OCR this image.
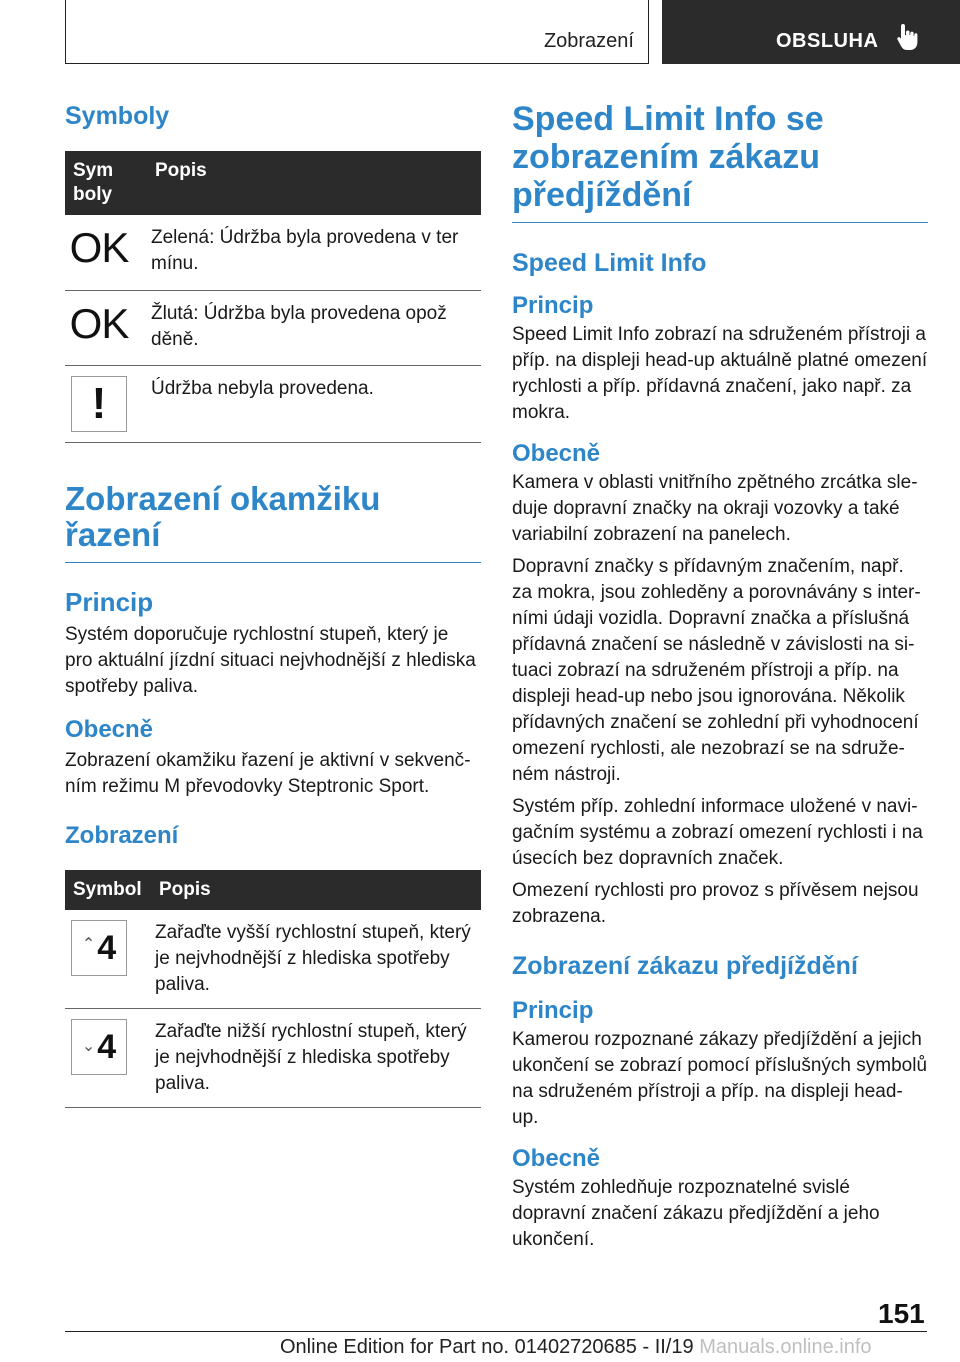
Zobrazení	OBSLUHA
Symboly
Sym
boly	Popis

OK	Zelená: Údržba byla provedena v ter
mínu.

OK	Žlutá: Údržba byla provedena opož
děně.

!	Údržba nebyla provedena.
Zobrazení okamžiku řazení
Princip

Systém doporučuje rychlostní stupeň, který je pro aktuální jízdní situaci nejvhodnější z hlediska spotřeby paliva.

Obecně

Zobrazení okamžiku řazení je aktivní v sekvenčním režimu M převodovky Steptronic Sport.

Zobrazení
Symbol	Popis

⌃ 4	Zařaďte vyšší rychlostní stupeň, který je nejvhodnější z hlediska spotřeby paliva.

⌄ 4	Zařaďte nižší rychlostní stupeň, který je nejvhodnější z hlediska spotřeby paliva.
Speed Limit Info se zobrazením zákazu předjíždění
Speed Limit Info
Princip

Speed Limit Info zobrazí na sdruženém přístroji a příp. na displeji head-up aktuálně platné omezení rychlosti a příp. přídavná značení, jako např. za mokra.

Obecně

Kamera v oblasti vnitřního zpětného zrcátka sleduje dopravní značky na okraji vozovky a také variabilní zobrazení na panelech.

Dopravní značky s přídavným značením, např. za mokra, jsou zohleděny a porovnávány s interními údaji vozidla. Dopravní značka a příslušná přídavná značení se následně v závislosti na situaci zobrazí na sdruženém přístroji a příp. na displeji head-up nebo jsou ignorována. Několik přídavných značení se zohlední při vyhodnocení omezení rychlosti, ale nezobrazí se na sdruženém nástroji.

Systém příp. zohlední informace uložené v navigačním systému a zobrazí omezení rychlosti i na úsecích bez dopravních značek.

Omezení rychlosti pro provoz s přívěsem nejsou zobrazena.

Zobrazení zákazu předjíždění
Princip

Kamerou rozpoznané zákazy předjíždění a jejich ukončení se zobrazí pomocí příslušných symbolů na sdruženém přístroji a příp. na displeji head-up.

Obecně

Systém zohledňuje rozpoznatelné svislé dopravní značení zákazu předjíždění a jeho ukončení.

151
Online Edition for Part no. 01402720685 - II/19 Manuals.online.info
